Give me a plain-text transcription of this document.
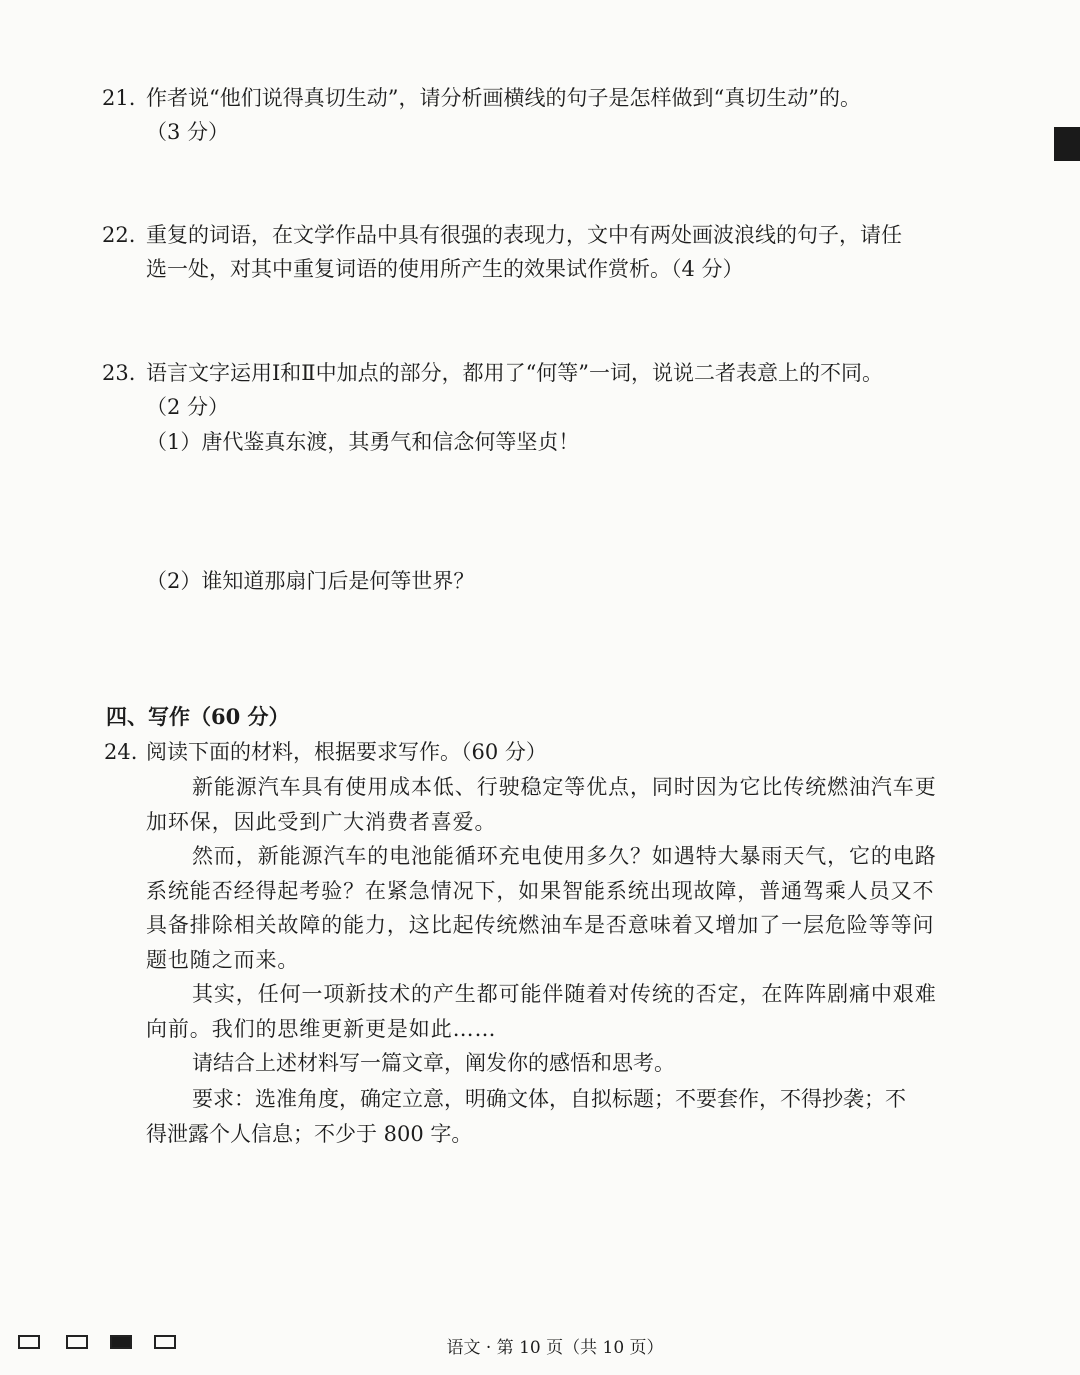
21. 作者说“他们说得真切生动”，请分析画横线的句子是怎样做到“真切生动”的。
（3 分）
22. 重复的词语，在文学作品中具有很强的表现力，文中有两处画波浪线的句子，请任
选一处，对其中重复词语的使用所产生的效果试作赏析。（4 分）
23. 语言文字运用Ⅰ和Ⅱ中加点的部分，都用了“何等”一词，说说二者表意上的不同。
（2 分）
（1）唐代鉴真东渡，其勇气和信念何等坚贞！
（2）谁知道那扇门后是何等世界？
四、写作（60 分）
24. 阅读下面的材料，根据要求写作。（60 分）
新能源汽车具有使用成本低、行驶稳定等优点，同时因为它比传统燃油汽车更
加环保，因此受到广大消费者喜爱。
然而，新能源汽车的电池能循环充电使用多久？如遇特大暴雨天气，它的电路
系统能否经得起考验？在紧急情况下，如果智能系统出现故障，普通驾乘人员又不
具备排除相关故障的能力，这比起传统燃油车是否意味着又增加了一层危险等等问
题也随之而来。
其实，任何一项新技术的产生都可能伴随着对传统的否定，在阵阵剧痛中艰难
向前。我们的思维更新更是如此……
请结合上述材料写一篇文章，阐发你的感悟和思考。
要求：选准角度，确定立意，明确文体，自拟标题；不要套作，不得抄袭；不
得泄露个人信息；不少于 800 字。
语文 · 第 10 页（共 10 页）
